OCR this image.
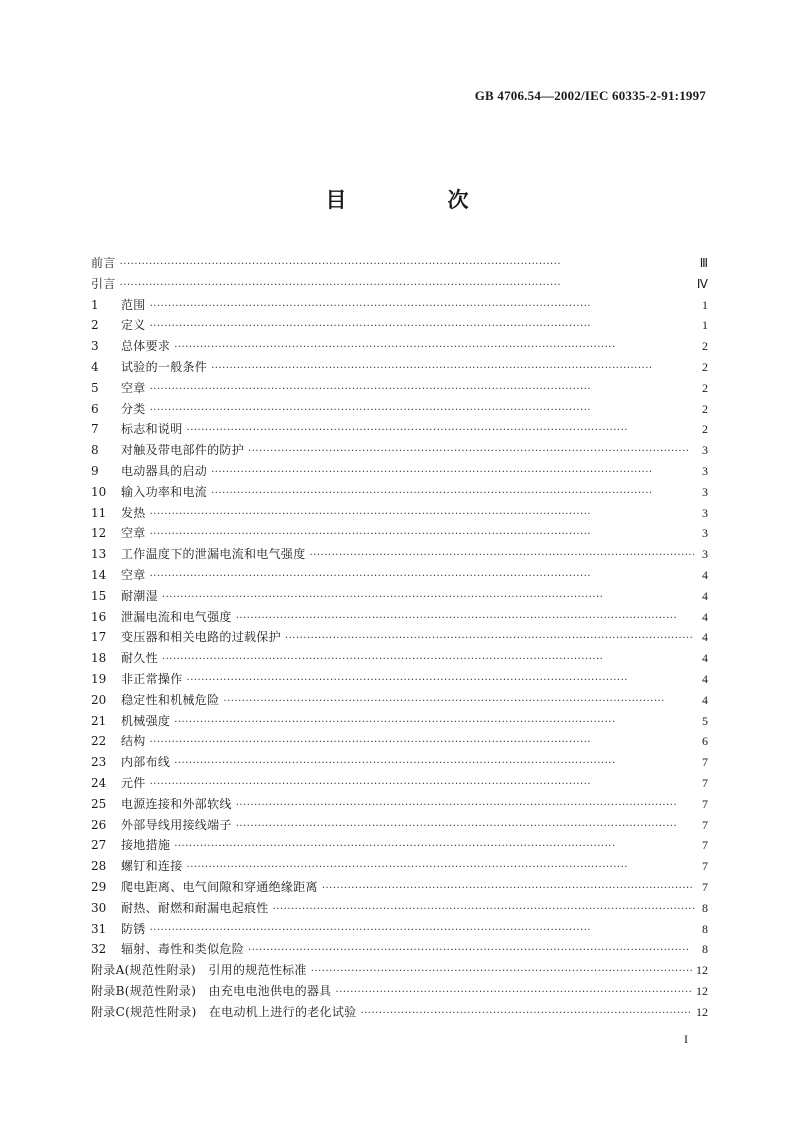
GB 4706.54—2002/IEC 60335-2-91:1997
目　次
前言 ·····	Ⅲ
引言 ·····	Ⅳ
1	范围 ·····	1
2	定义 ·····	1
3	总体要求 ·····	2
4	试验的一般条件 ·····	2
5	空章 ·····	2
6	分类 ·····	2
7	标志和说明 ·····	2
8	对触及带电部件的防护 ·····	3
9	电动器具的启动 ·····	3
10	输入功率和电流 ·····	3
11	发热 ·····	3
12	空章 ·····	3
13	工作温度下的泄漏电流和电气强度 ·····	3
14	空章 ·····	4
15	耐潮湿 ·····	4
16	泄漏电流和电气强度 ·····	4
17	变压器和相关电路的过载保护 ·····	4
18	耐久性 ·····	4
19	非正常操作 ·····	4
20	稳定性和机械危险 ·····	4
21	机械强度 ·····	5
22	结构 ·····	6
23	内部布线 ·····	7
24	元件 ·····	7
25	电源连接和外部软线 ·····	7
26	外部导线用接线端子 ·····	7
27	接地措施 ·····	7
28	螺钉和连接 ·····	7
29	爬电距离、电气间隙和穿通绝缘距离 ·····	7
30	耐热、耐燃和耐漏电起痕性 ·····	8
31	防锈 ·····	8
32	辐射、毒性和类似危险 ·····	8
附录A(规范性附录)　引用的规范性标准 ·····	12
附录B(规范性附录)　由充电电池供电的器具 ·····	12
附录C(规范性附录)　在电动机上进行的老化试验 ·····	12
I
